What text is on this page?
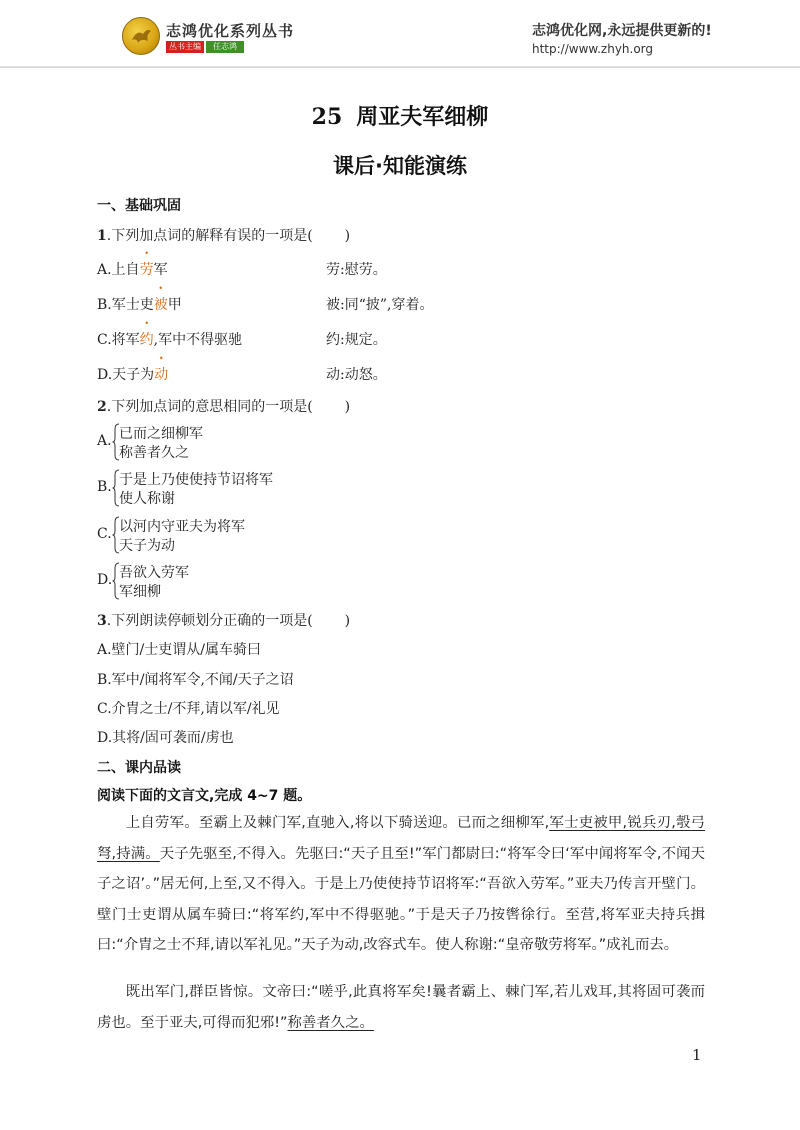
志鸿优化系列丛书
丛书主编	任志鸿
志鸿优化网,永远提供更新的!
http://www.zhyh.org
25 周亚夫军细柳
课后·知能演练
一、基础巩固
1.下列加点词的解释有误的一项是( )
A.上自劳军	劳:慰劳。
B.军士吏被甲	被:同“披”,穿着。
C.将军约,军中不得驱驰	约:规定。
D.天子为动	动:动怒。
2.下列加点词的意思相同的一项是( )
A. 已而之细柳军
称善者久之
B. 于是上乃使使持节诏将军
使人称谢
C. 以河内守亚夫为将军
天子为动
D. 吾欲入劳军
军细柳
3.下列朗读停顿划分正确的一项是( )
A.壁门/士吏谓从/属车骑曰
B.军中/闻将军令,不闻/天子之诏
C.介胄之士/不拜,请以军/礼见
D.其将/固可袭而/虏也
二、课内品读
阅读下面的文言文,完成 4~7 题。
上自劳军。至霸上及棘门军,直驰入,将以下骑送迎。已而之细柳军,军士吏被甲,锐兵刃,彀弓弩,持满。天子先驱至,不得入。先驱曰:“天子且至!”军门都尉曰:“将军令曰‘军中闻将军令,不闻天子之诏’。”居无何,上至,又不得入。于是上乃使使持节诏将军:“吾欲入劳军。”亚夫乃传言开壁门。壁门士吏谓从属车骑曰:“将军约,军中不得驱驰。”于是天子乃按辔徐行。至营,将军亚夫持兵揖曰:“介胄之士不拜,请以军礼见。”天子为动,改容式车。使人称谢:“皇帝敬劳将军。”成礼而去。
既出军门,群臣皆惊。文帝曰:“嗟乎,此真将军矣!曩者霸上、棘门军,若儿戏耳,其将固可袭而虏也。至于亚夫,可得而犯邪!”称善者久之。
1
